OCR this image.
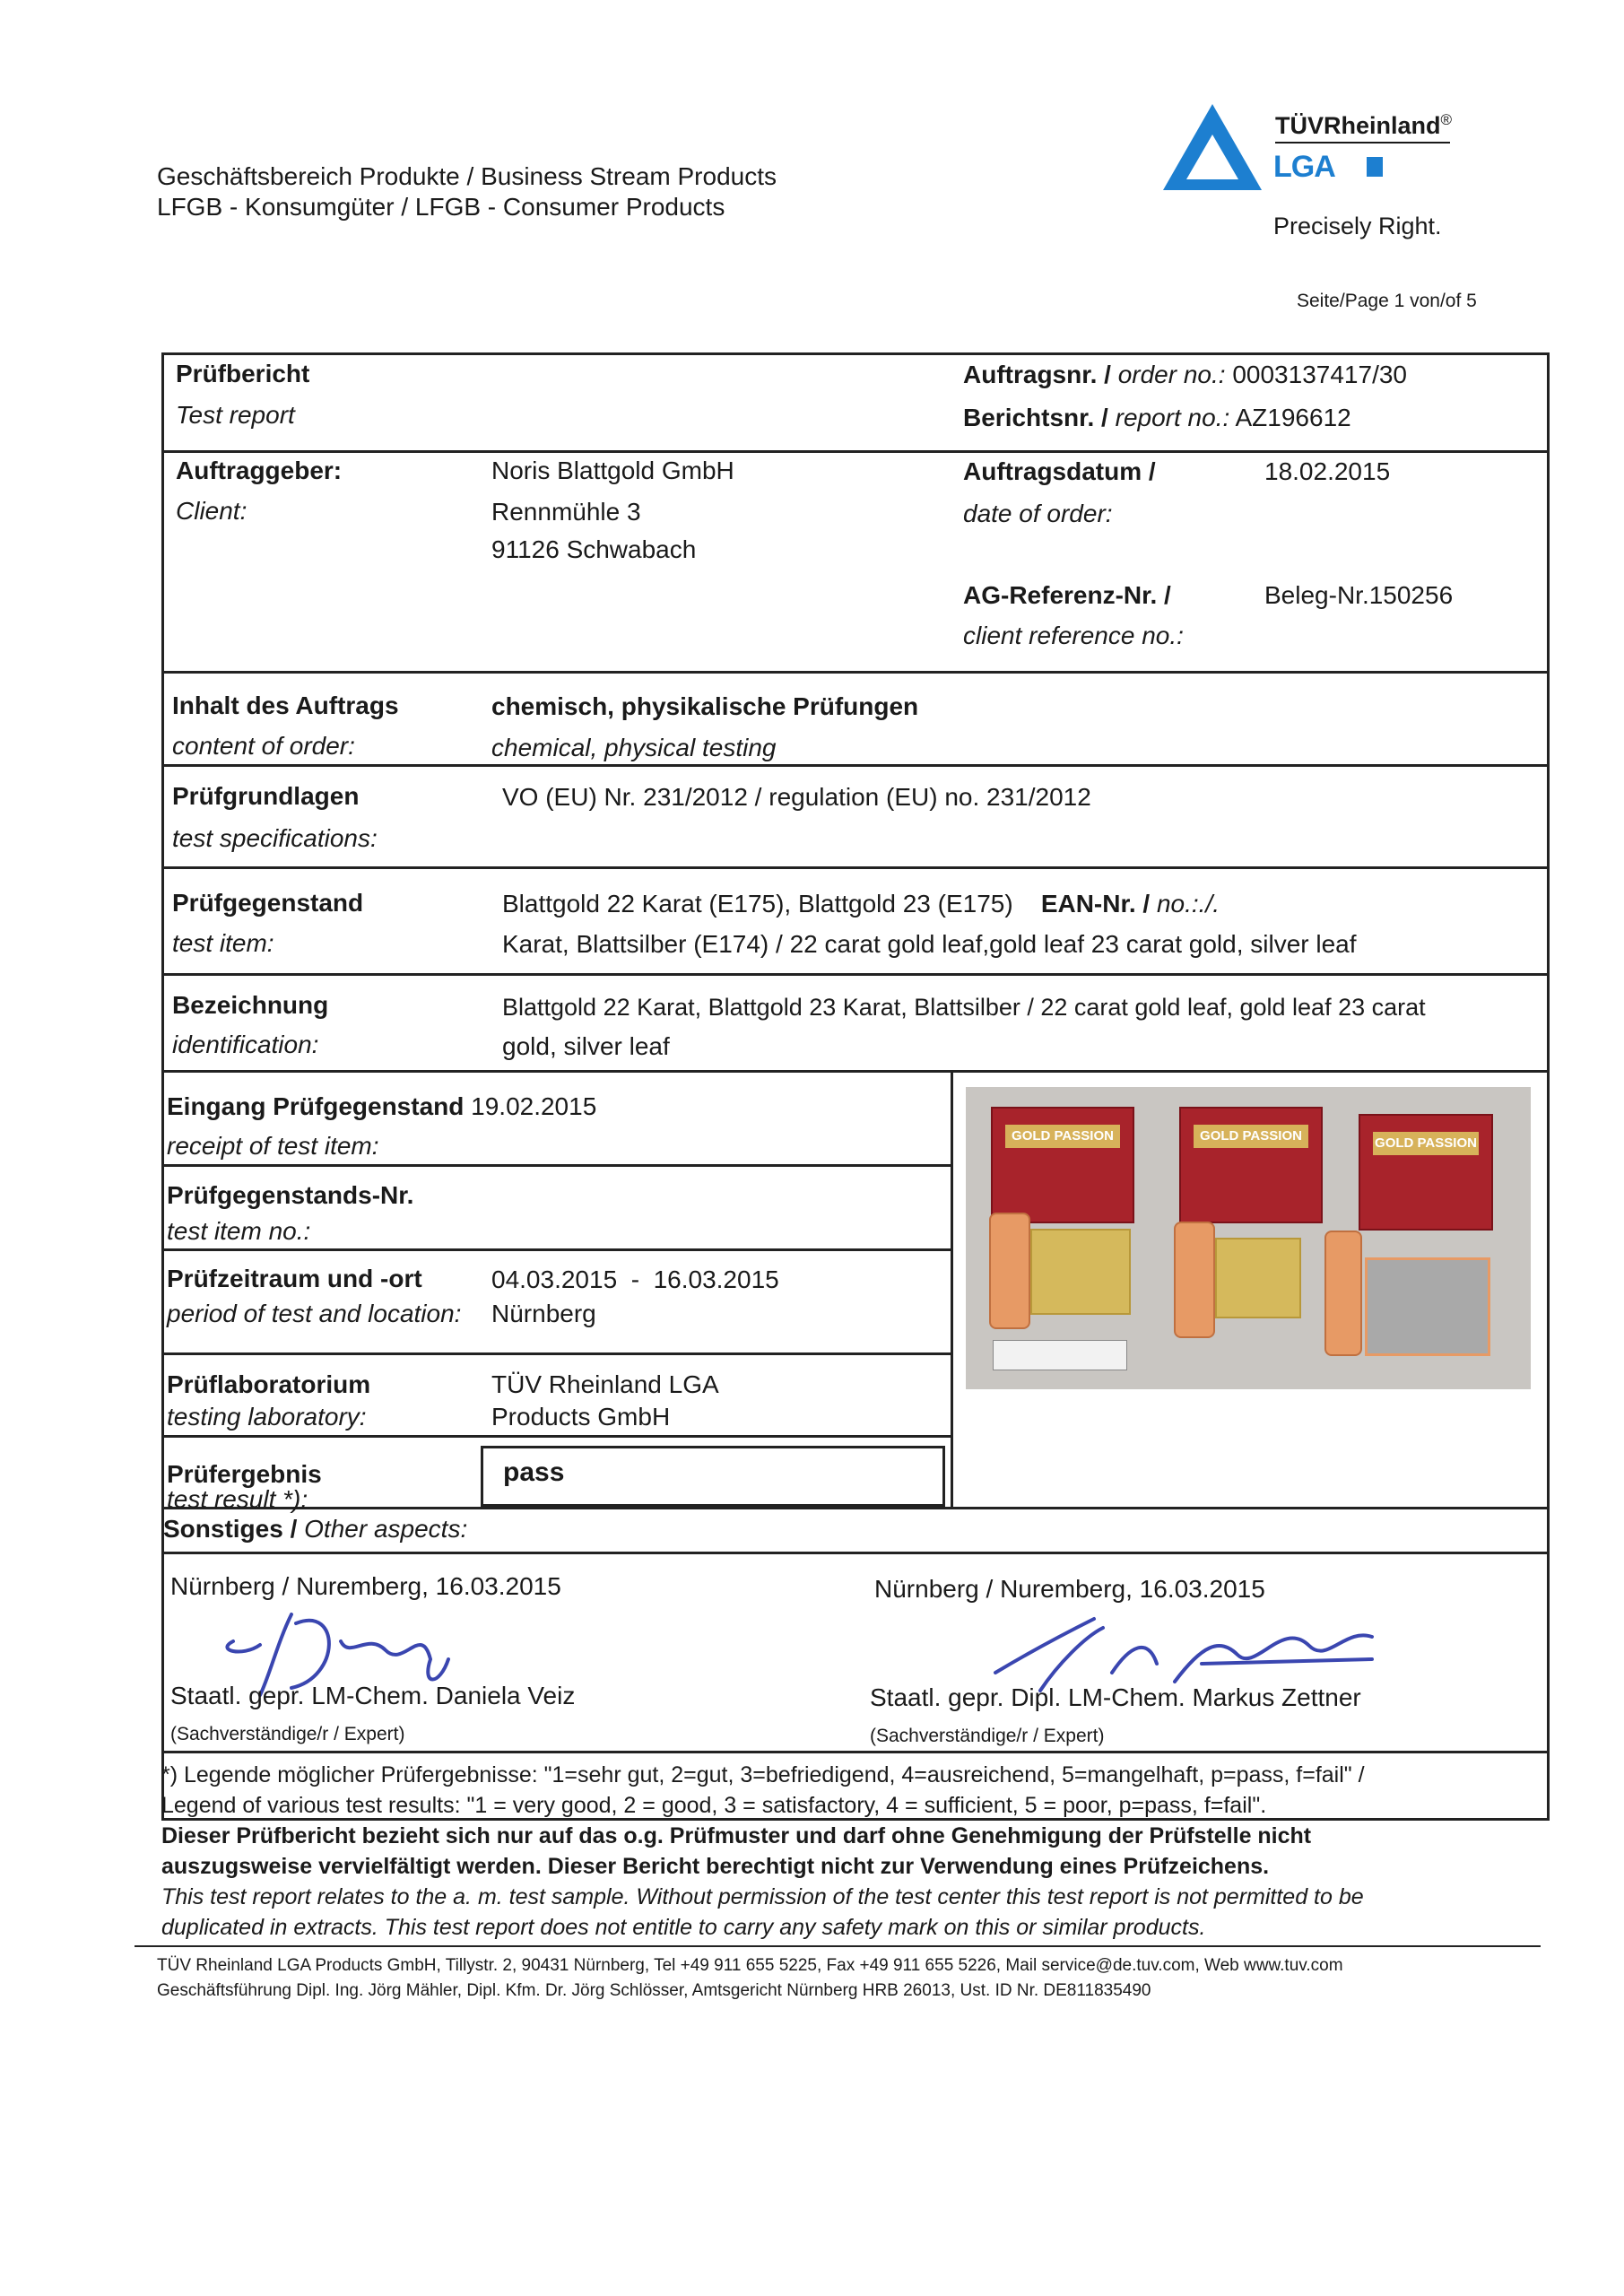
Geschäftsbereich Produkte / Business Stream Products
LFGB - Konsumgüter / LFGB - Consumer Products
TÜVRheinland®
LGA
Precisely Right.
Seite/Page 1 von/of 5
Prüfbericht
Test report
Auftragsnr. / order no.: 0003137417/30
Berichtsnr. / report no.: AZ196612
Auftraggeber:
Client:
Noris Blattgold GmbH
Rennmühle 3
91126 Schwabach
Auftragsdatum /
date of order:
18.02.2015
AG-Referenz-Nr. /
client reference no.:
Beleg-Nr.150256
Inhalt des Auftrags
content of order:
chemisch, physikalische Prüfungen
chemical, physical testing
Prüfgrundlagen
test specifications:
VO (EU) Nr. 231/2012 / regulation (EU) no. 231/2012
Prüfgegenstand
test item:
Blattgold 22 Karat (E175), Blattgold 23 (E175) EAN-Nr. / no.:./.
Karat, Blattsilber (E174) / 22 carat gold leaf,gold leaf 23 carat gold, silver leaf
Bezeichnung
identification:
Blattgold 22 Karat, Blattgold 23 Karat, Blattsilber / 22 carat gold leaf, gold leaf 23 carat
gold, silver leaf
Eingang Prüfgegenstand 19.02.2015
receipt of test item:
Prüfgegenstands-Nr.
test item no.:
Prüfzeitraum und -ort	04.03.2015  -  16.03.2015
period of test and location: Nürnberg
Prüflaboratorium
testing laboratory:
TÜV Rheinland LGA
Products GmbH
Prüfergebnis
test result *):
pass
Sonstiges / Other aspects:
GOLD PASSION	GOLD PASSION	GOLD PASSION
Nürnberg / Nuremberg, 16.03.2015
Staatl. gepr. LM-Chem. Daniela Veiz
(Sachverständige/r / Expert)
Nürnberg / Nuremberg, 16.03.2015
Staatl. gepr. Dipl. LM-Chem. Markus Zettner
(Sachverständige/r / Expert)
*) Legende möglicher Prüfergebnisse: "1=sehr gut, 2=gut, 3=befriedigend, 4=ausreichend, 5=mangelhaft, p=pass, f=fail" /
Legend of various test results: "1 = very good, 2 = good, 3 = satisfactory, 4 = sufficient, 5 = poor, p=pass, f=fail".
Dieser Prüfbericht bezieht sich nur auf das o.g. Prüfmuster und darf ohne Genehmigung der Prüfstelle nicht
auszugsweise vervielfältigt werden. Dieser Bericht berechtigt nicht zur Verwendung eines Prüfzeichens.
This test report relates to the a. m. test sample. Without permission of the test center this test report is not permitted to be
duplicated in extracts. This test report does not entitle to carry any safety mark on this or similar products.
TÜV Rheinland LGA Products GmbH, Tillystr. 2, 90431 Nürnberg, Tel +49 911 655 5225, Fax +49 911 655 5226, Mail service@de.tuv.com, Web www.tuv.com
Geschäftsführung Dipl. Ing. Jörg Mähler, Dipl. Kfm. Dr. Jörg Schlösser, Amtsgericht Nürnberg HRB 26013, Ust. ID Nr. DE811835490
